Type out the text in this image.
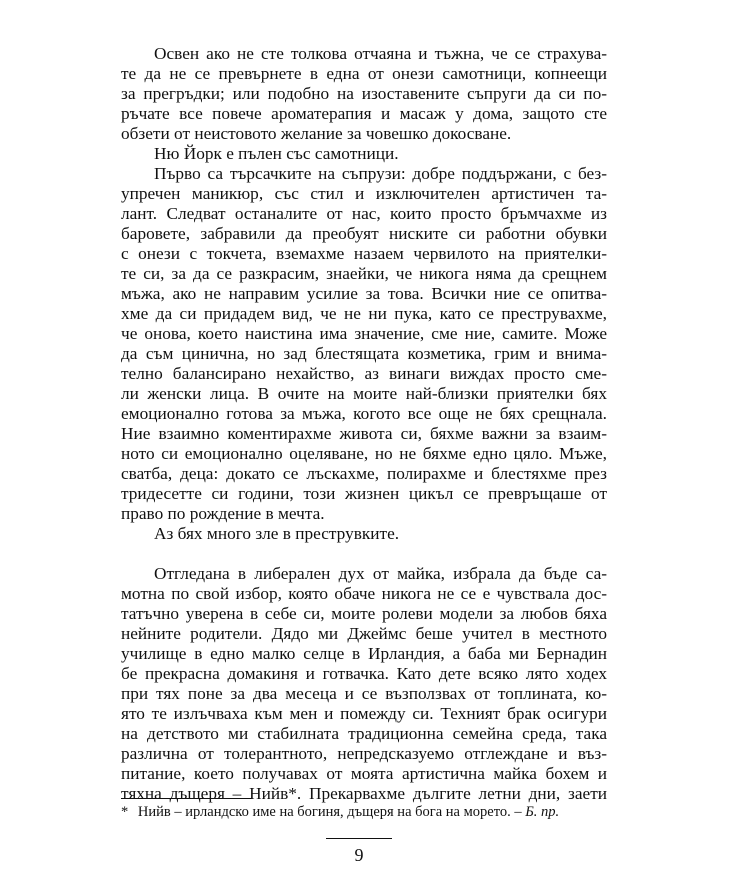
Освен ако не сте толкова отчаяна и тъжна, че се страхува-
те да не се превърнете в една от онези самотници, копнеещи
за прегръдки; или подобно на изоставените съпруги да си по-
ръчате все повече ароматерапия и масаж у дома, защото сте
обзети от неистовото желание за човешко докосване.
Ню Йорк е пълен със самотници.
Първо са търсачките на съпрузи: добре поддържани, с без-
упречен маникюр, със стил и изключителен артистичен та-
лант. Следват останалите от нас, които просто бръмчахме из
баровете, забравили да преобуят ниските си работни обувки
с онези с токчета, вземахме назаем червилото на приятелки-
те си, за да се разкрасим, знаейки, че никога няма да срещнем
мъжа, ако не направим усилие за това. Всички ние се опитва-
хме да си придадем вид, че не ни пука, като се преструвахме,
че онова, което наистина има значение, сме ние, самите. Може
да съм цинична, но зад блестящата козметика, грим и внима-
телно балансирано нехайство, аз винаги виждах просто сме-
ли женски лица. В очите на моите най-близки приятелки бях
емоционално готова за мъжа, когото все още не бях срещнала.
Ние взаимно коментирахме живота си, бяхме важни за взаим-
ното си емоционално оцеляване, но не бяхме едно цяло. Мъже,
сватба, деца: докато се лъскахме, полирахме и блестяхме през
тридесетте си години, този жизнен цикъл се превръщаше от
право по рождение в мечта.
Аз бях много зле в преструвките.
Отгледана в либерален дух от майка, избрала да бъде са-
мотна по свой избор, която обаче никога не се е чувствала дос-
татъчно уверена в себе си, моите ролеви модели за любов бяха
нейните родители. Дядо ми Джеймс беше учител в местното
училище в едно малко селце в Ирландия, а баба ми Бернадин
бе прекрасна домакиня и готвачка. Като дете всяко лято ходех
при тях поне за два месеца и се възползвах от топлината, ко-
ято те излъчваха към мен и помежду си. Техният брак осигури
на детството ми стабилната традиционна семейна среда, така
различна от толерантното, непредсказуемо отглеждане и въз-
питание, което получавах от моята артистична майка бохем и
тяхна дъщеря – Нийв*. Прекарвахме дългите летни дни, заети
* Нийв – ирландско име на богиня, дъщеря на бога на морето. – Б. пр.
9
